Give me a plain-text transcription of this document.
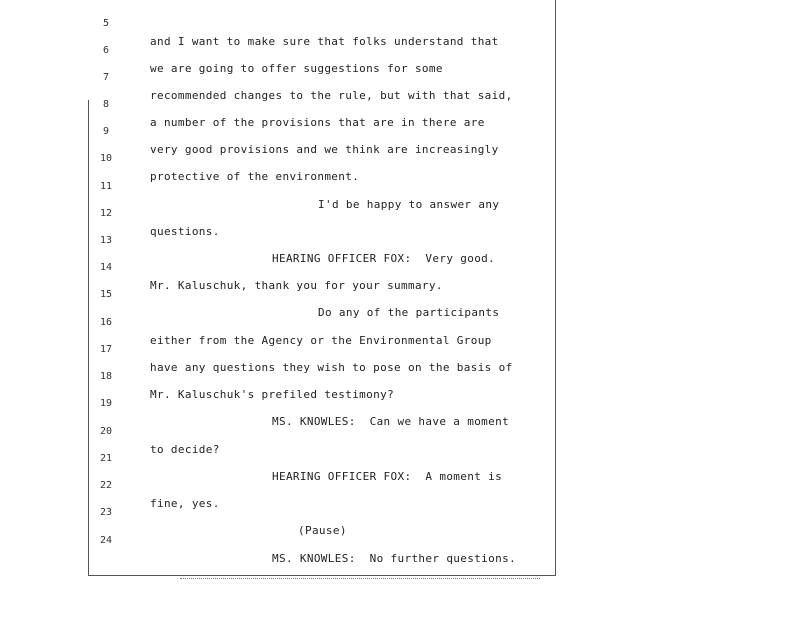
5

and I want to make sure that folks understand that

6

we are going to offer suggestions for some

7

recommended changes to the rule, but with that said,

8

a number of the provisions that are in there are

9

very good provisions and we think are increasingly

10

protective of the environment.

11

I'd be happy to answer any

12

questions.

13

HEARING OFFICER FOX:  Very good.

14

Mr. Kaluschuk, thank you for your summary.

15

Do any of the participants

16

either from the Agency or the Environmental Group

17

have any questions they wish to pose on the basis of

18

Mr. Kaluschuk's prefiled testimony?

19

MS. KNOWLES:  Can we have a moment

20

to decide?

21

HEARING OFFICER FOX:  A moment is

22

fine, yes.

23

(Pause)

24

MS. KNOWLES:  No further questions.
